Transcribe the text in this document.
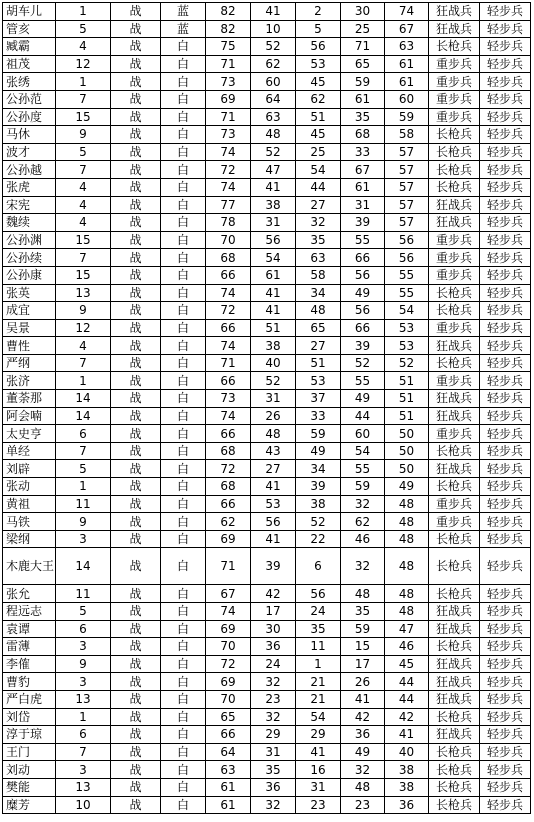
胡车儿	1	战	蓝	82	41	2	30	74	狂战兵	轻步兵
管亥	5	战	蓝	82	10	5	25	67	狂战兵	轻步兵
臧霸	4	战	白	75	52	56	71	63	长枪兵	轻步兵
祖茂	12	战	白	71	62	53	65	61	重步兵	轻步兵
张绣	1	战	白	73	60	45	59	61	重步兵	轻步兵
公孙范	7	战	白	69	64	62	61	60	重步兵	轻步兵
公孙度	15	战	白	71	63	51	35	59	重步兵	轻步兵
马休	9	战	白	73	48	45	68	58	长枪兵	轻步兵
波才	5	战	白	74	52	25	33	57	长枪兵	轻步兵
公孙越	7	战	白	72	47	54	67	57	长枪兵	轻步兵
张虎	4	战	白	74	41	44	61	57	长枪兵	轻步兵
宋宪	4	战	白	77	38	27	31	57	狂战兵	轻步兵
魏续	4	战	白	78	31	32	39	57	狂战兵	轻步兵
公孙渊	15	战	白	70	56	35	55	56	重步兵	轻步兵
公孙续	7	战	白	68	54	63	66	56	重步兵	轻步兵
公孙康	15	战	白	66	61	58	56	55	重步兵	轻步兵
张英	13	战	白	74	41	34	49	55	长枪兵	轻步兵
成宜	9	战	白	72	41	48	56	54	长枪兵	轻步兵
吴景	12	战	白	66	51	65	66	53	重步兵	轻步兵
曹性	4	战	白	74	38	27	39	53	狂战兵	轻步兵
严纲	7	战	白	71	40	51	52	52	长枪兵	轻步兵
张济	1	战	白	66	52	53	55	51	重步兵	轻步兵
董荼那	14	战	白	73	31	37	49	51	狂战兵	轻步兵
阿会喃	14	战	白	74	26	33	44	51	狂战兵	轻步兵
太史亨	6	战	白	66	48	59	60	50	重步兵	轻步兵
单经	7	战	白	68	43	49	54	50	长枪兵	轻步兵
刘辟	5	战	白	72	27	34	55	50	狂战兵	轻步兵
张动	1	战	白	68	41	39	59	49	长枪兵	轻步兵
黄祖	11	战	白	66	53	38	32	48	重步兵	轻步兵
马铁	9	战	白	62	56	52	62	48	重步兵	轻步兵
梁纲	3	战	白	69	41	22	46	48	长枪兵	轻步兵
木鹿大王	14	战	白	71	39	6	32	48	长枪兵	轻步兵
张允	11	战	白	67	42	56	48	48	长枪兵	轻步兵
程远志	5	战	白	74	17	24	35	48	狂战兵	轻步兵
袁谭	6	战	白	69	30	35	59	47	狂战兵	轻步兵
雷薄	3	战	白	70	36	11	15	46	长枪兵	轻步兵
李傕	9	战	白	72	24	1	17	45	狂战兵	轻步兵
曹豹	3	战	白	69	32	21	26	44	狂战兵	轻步兵
严白虎	13	战	白	70	23	21	41	44	狂战兵	轻步兵
刘岱	1	战	白	65	32	54	42	42	长枪兵	轻步兵
淳于琼	6	战	白	66	29	29	36	41	狂战兵	轻步兵
王门	7	战	白	64	31	41	49	40	长枪兵	轻步兵
刘动	3	战	白	63	35	16	32	38	长枪兵	轻步兵
樊能	13	战	白	61	36	31	48	38	长枪兵	轻步兵
糜芳	10	战	白	61	32	23	23	36	长枪兵	轻步兵
